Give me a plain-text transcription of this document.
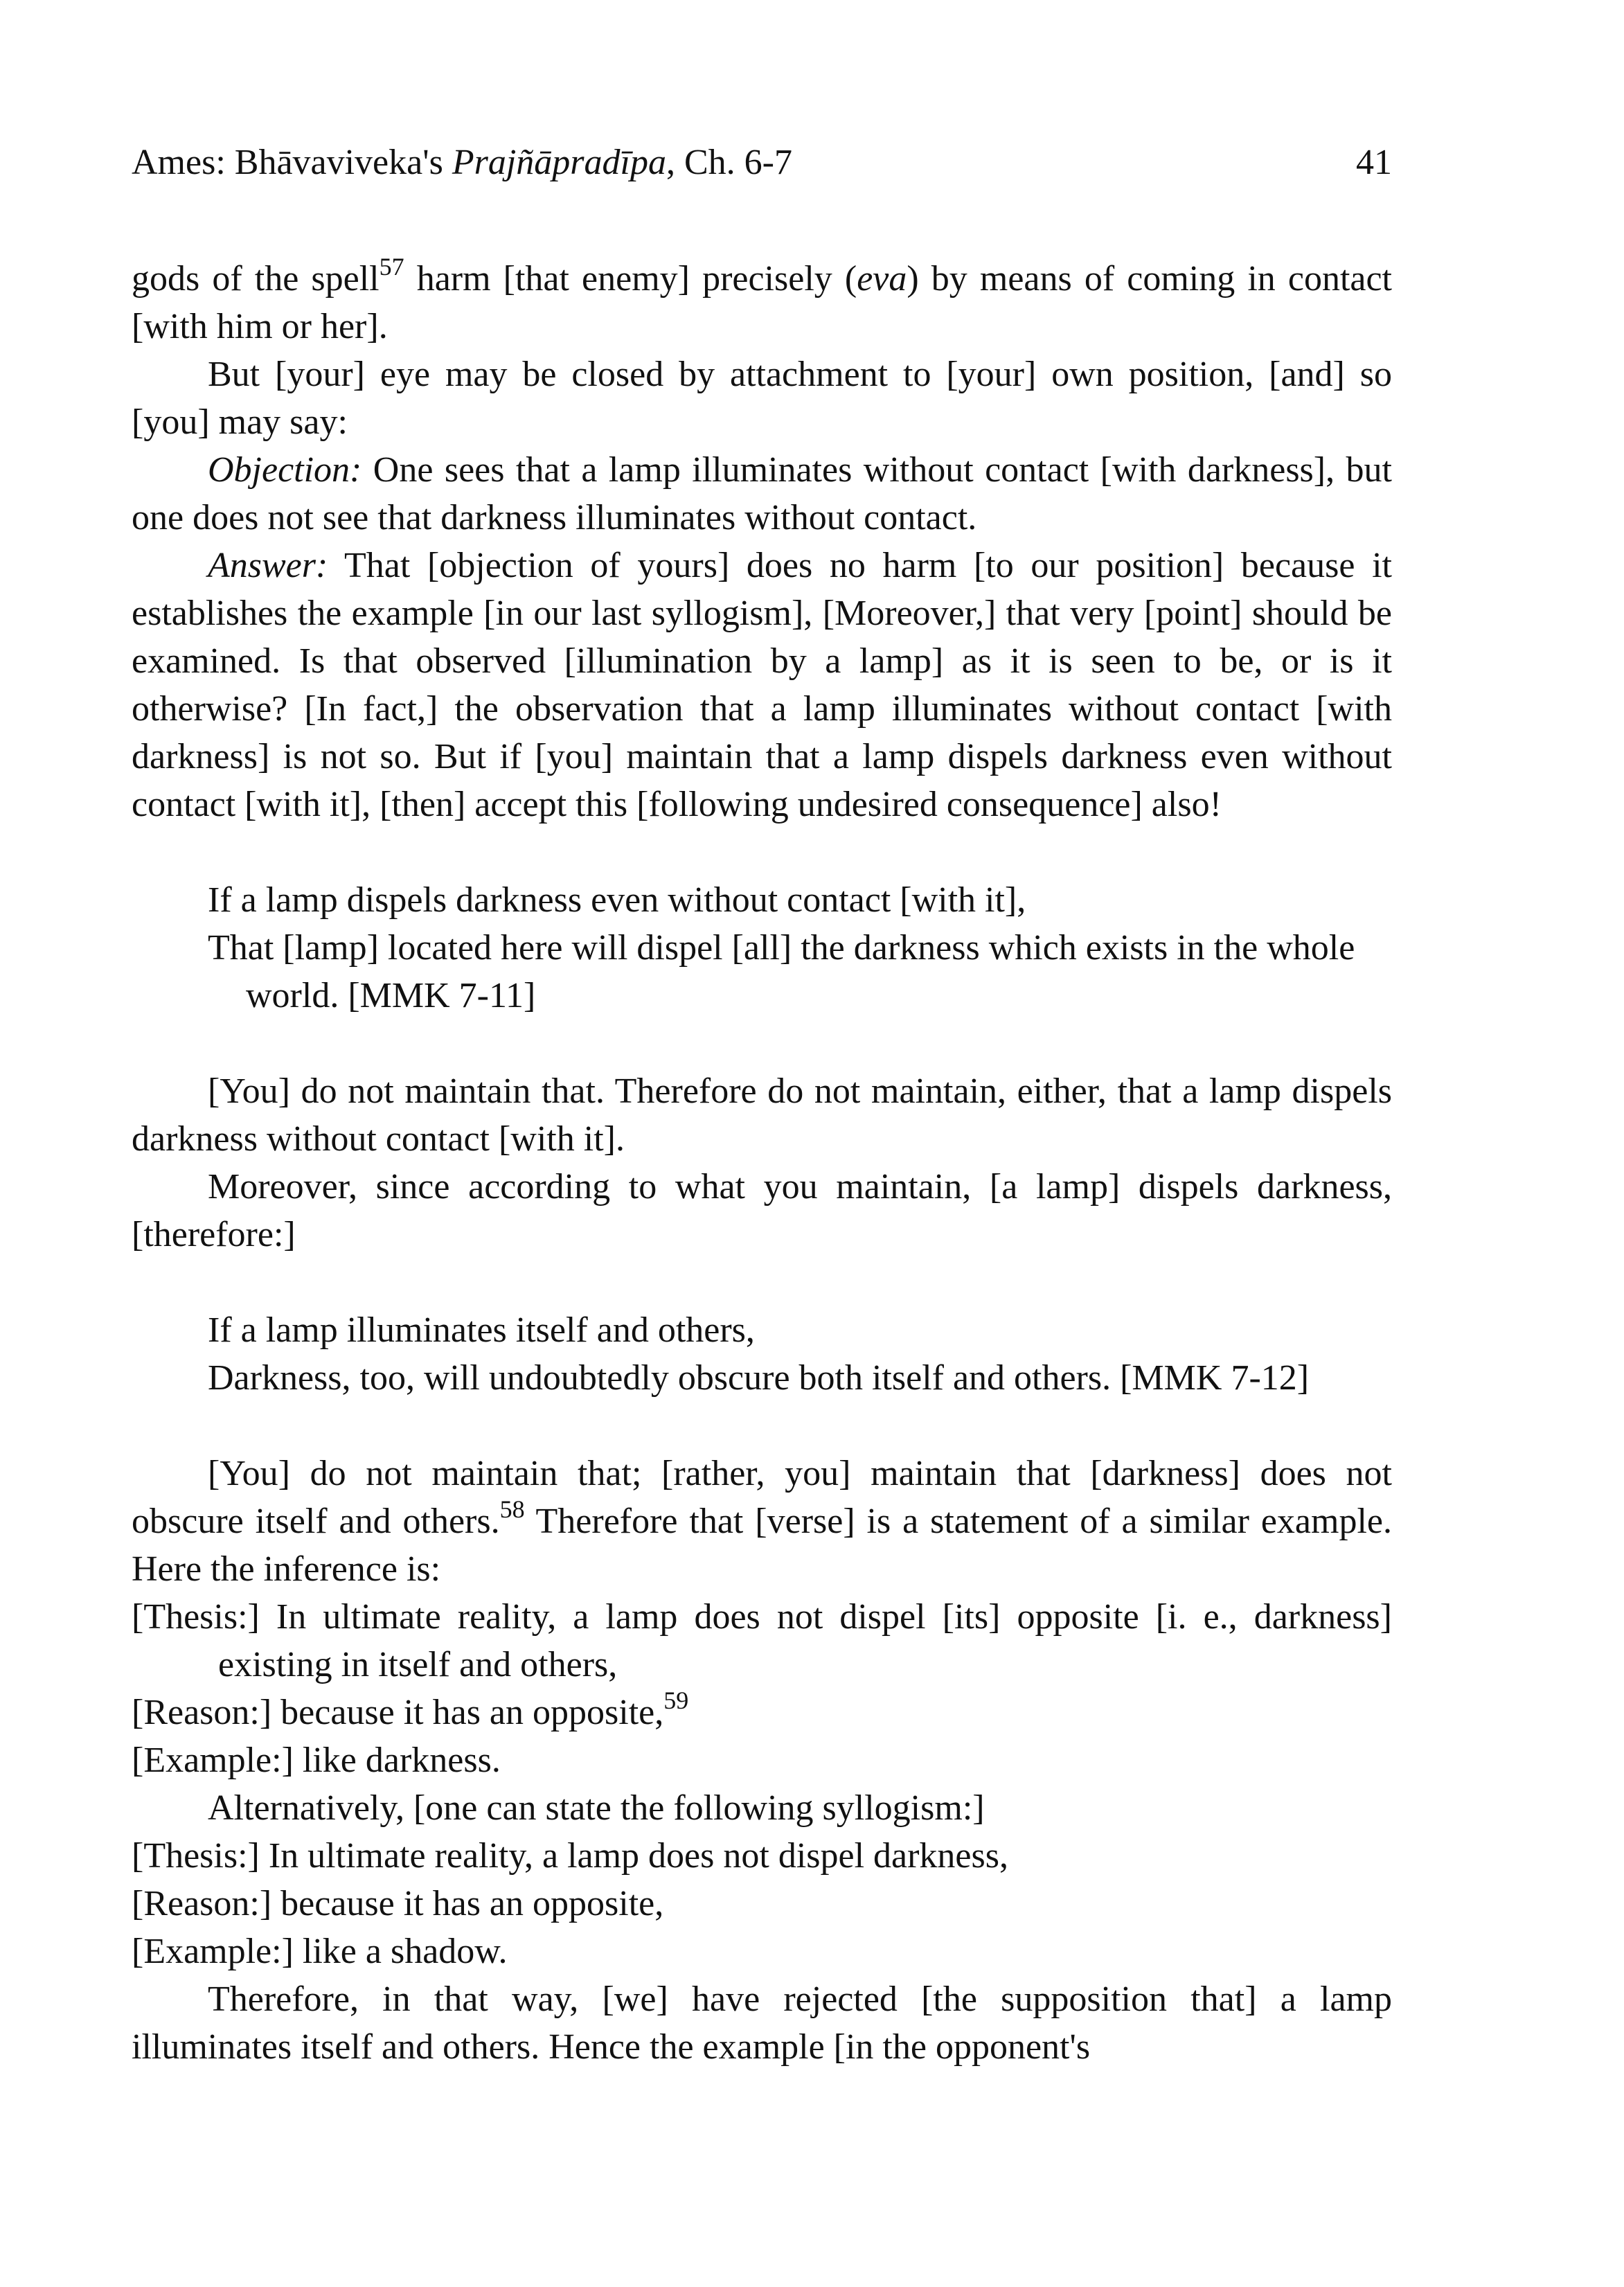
Ames: Bhāvaviveka's Prajñāpradīpa, Ch. 6-7	41

gods of the spell$^{57}$ harm [that enemy] precisely (eva) by means of coming in contact [with him or her].

But [your] eye may be closed by attachment to [your] own position, [and] so [you] may say:

Objection: One sees that a lamp illuminates without contact [with darkness], but one does not see that darkness illuminates without contact.

Answer: That [objection of yours] does no harm [to our position] because it establishes the example [in our last syllogism], [Moreover,] that very [point] should be examined. Is that observed [illumination by a lamp] as it is seen to be, or is it otherwise? [In fact,] the observation that a lamp illuminates without contact [with darkness] is not so. But if [you] maintain that a lamp dispels darkness even without contact [with it], [then] accept this [following undesired consequence] also!

If a lamp dispels darkness even without contact [with it],

That [lamp] located here will dispel [all] the darkness which exists in the whole world. [MMK 7-11]

[You] do not maintain that. Therefore do not maintain, either, that a lamp dispels darkness without contact [with it].

Moreover, since according to what you maintain, [a lamp] dispels darkness, [therefore:]

If a lamp illuminates itself and others,

Darkness, too, will undoubtedly obscure both itself and others. [MMK 7-12]

[You] do not maintain that; [rather, you] maintain that [darkness] does not obscure itself and others.$^{58}$ Therefore that [verse] is a statement of a similar example. Here the inference is:

[Thesis:] In ultimate reality, a lamp does not dispel [its] opposite [i. e., darkness] existing in itself and others,

[Reason:] because it has an opposite,$^{59}$

[Example:] like darkness.

Alternatively, [one can state the following syllogism:]

[Thesis:] In ultimate reality, a lamp does not dispel darkness,

[Reason:] because it has an opposite,

[Example:] like a shadow.

Therefore, in that way, [we] have rejected [the supposition that] a lamp illuminates itself and others. Hence the example [in the opponent's
